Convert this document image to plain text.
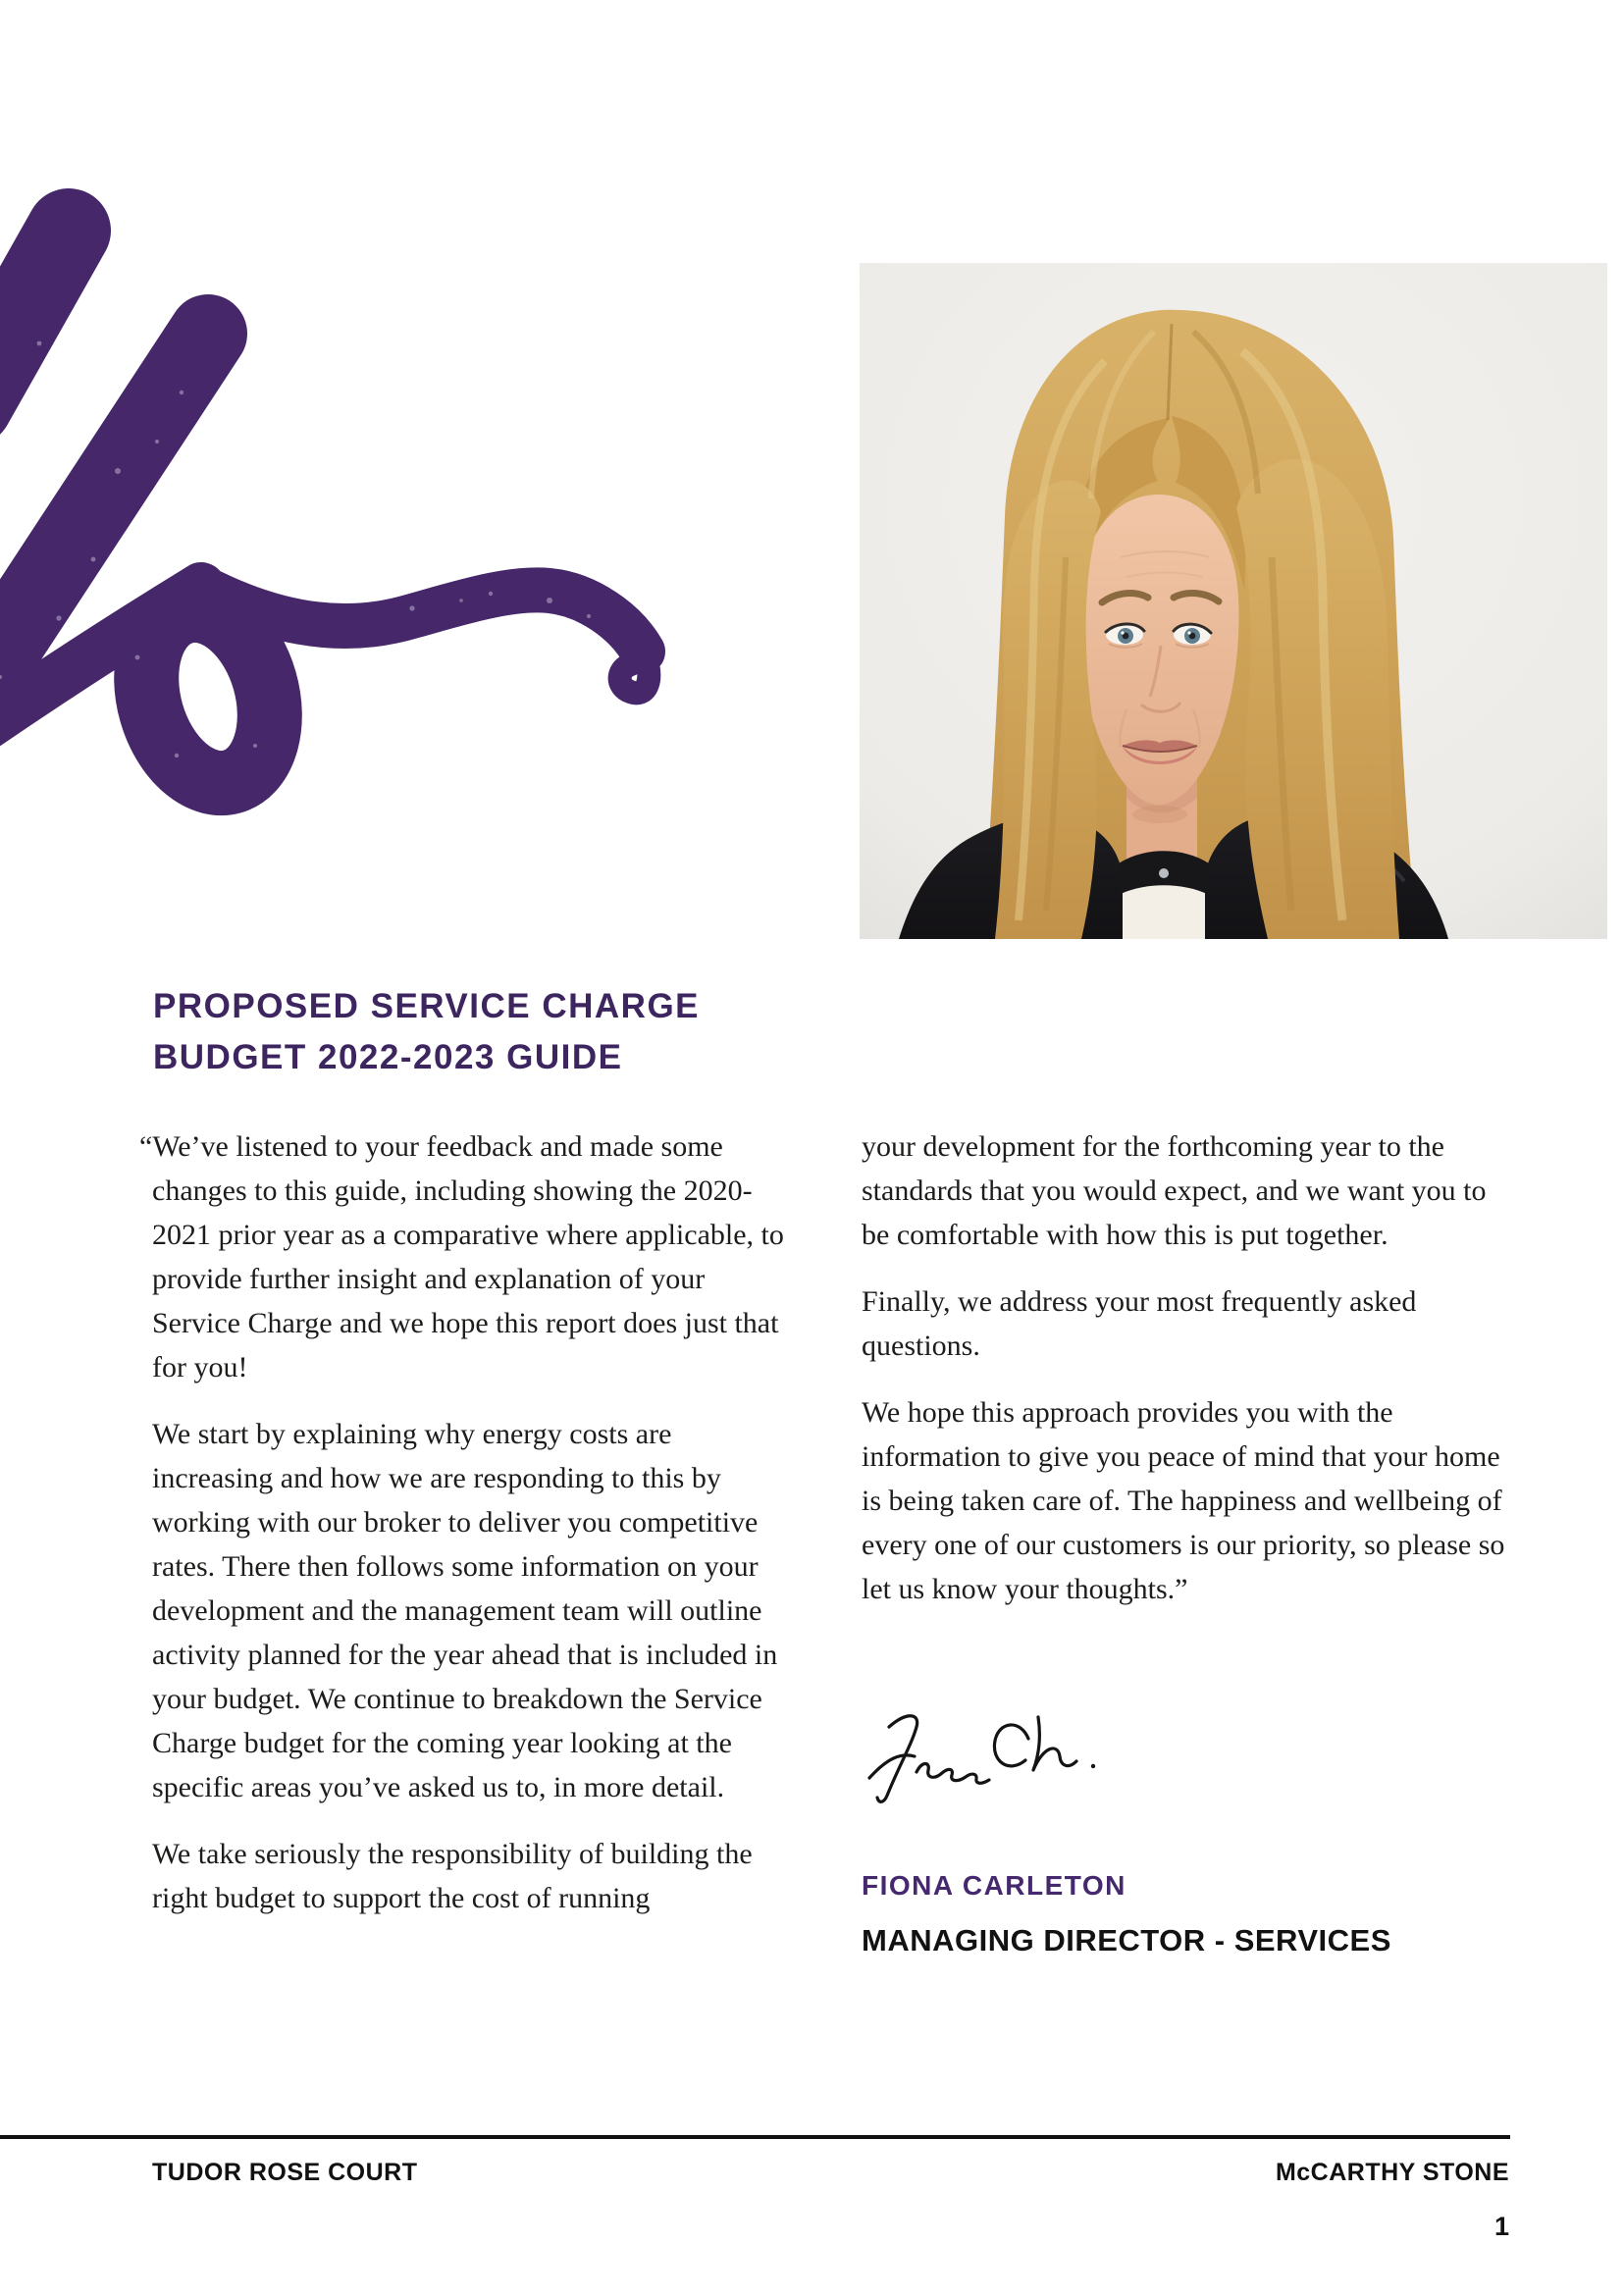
PROPOSED SERVICE CHARGE
BUDGET 2022-2023 GUIDE

“We’ve listened to your feedback and made some changes to this guide, including showing the 2020-2021 prior year as a comparative where applicable, to provide further insight and explanation of your Service Charge and we hope this report does just that for you!

We start by explaining why energy costs are increasing and how we are responding to this by working with our broker to deliver you competitive rates. There then follows some information on your development and the management team will outline activity planned for the year ahead that is included in your budget. We continue to breakdown the Service Charge budget for the coming year looking at the specific areas you’ve asked us to, in more detail.

We take seriously the responsibility of building the right budget to support the cost of running

your development for the forthcoming year to the standards that you would expect, and we want you to be comfortable with how this is put together.

Finally, we address your most frequently asked questions.

We hope this approach provides you with the information to give you peace of mind that your home is being taken care of. The happiness and wellbeing of every one of our customers is our priority, so please so let us know your thoughts.”

FIONA CARLETON
MANAGING DIRECTOR - SERVICES
TUDOR ROSE COURT	McCARTHY STONE
1
